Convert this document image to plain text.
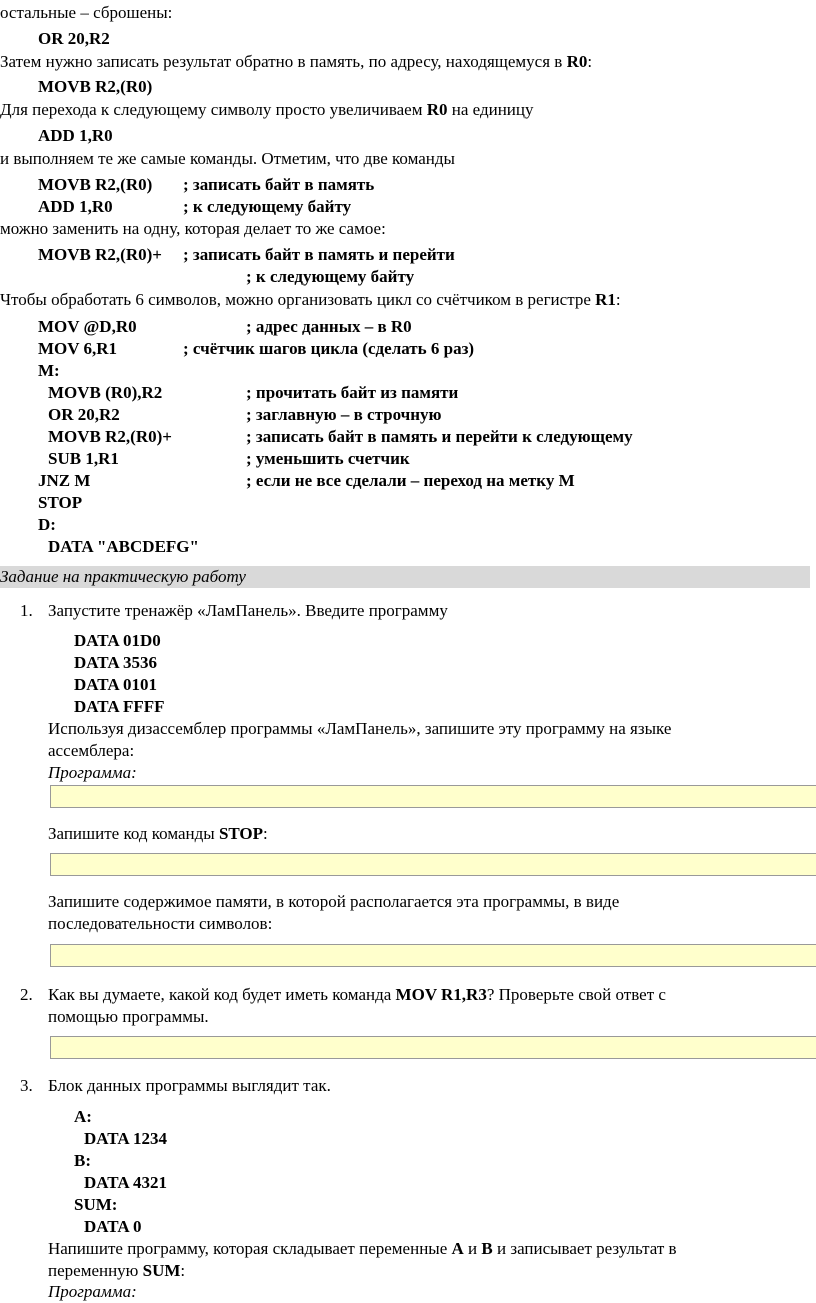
остальные – сброшены:
OR 20,R2
Затем нужно записать результат обратно в память, по адресу, находящемуся в R0:
MOVB R2,(R0)
Для перехода к следующему символу просто увеличиваем R0 на единицу
ADD 1,R0
и выполняем те же самые команды. Отметим, что две команды
MOVB R2,(R0) ; записать байт в память
ADD 1,R0	; к следующему байту
можно заменить на одну, которая делает то же самое:
MOVB R2,(R0)+ ; записать байт в память и перейти
; к следующему байту
Чтобы обработать 6 символов, можно организовать цикл со счётчиком в регистре R1:
MOV @D,R0	; адрес данных – в R0
MOV 6,R1	; счётчик шагов цикла (сделать 6 раз)
M:
MOVB (R0),R2	; прочитать байт из памяти
OR 20,R2	; заглавную – в строчную
MOVB R2,(R0)+	; записать байт в память и перейти к следующему
SUB 1,R1	; уменьшить счетчик
JNZ M	; если не все сделали – переход на метку M
STOP
D:
DATA "ABCDEFG"
Задание на практическую работу
1. Запустите тренажёр «ЛамПанель». Введите программу
DATA 01D0
DATA 3536
DATA 0101
DATA FFFF
Используя дизассемблер программы «ЛамПанель», запишите эту программу на языке
ассемблера:
Программа:
Запишите код команды STOP:
Запишите содержимое памяти, в которой располагается эта программы, в виде
последовательности символов:
2. Как вы думаете, какой код будет иметь команда MOV R1,R3? Проверьте свой ответ с
помощью программы.
3. Блок данных программы выглядит так.
A:
DATA 1234
B:
DATA 4321
SUM:
DATA 0
Напишите программу, которая складывает переменные A и B и записывает результат в
переменную SUM:
Программа:
